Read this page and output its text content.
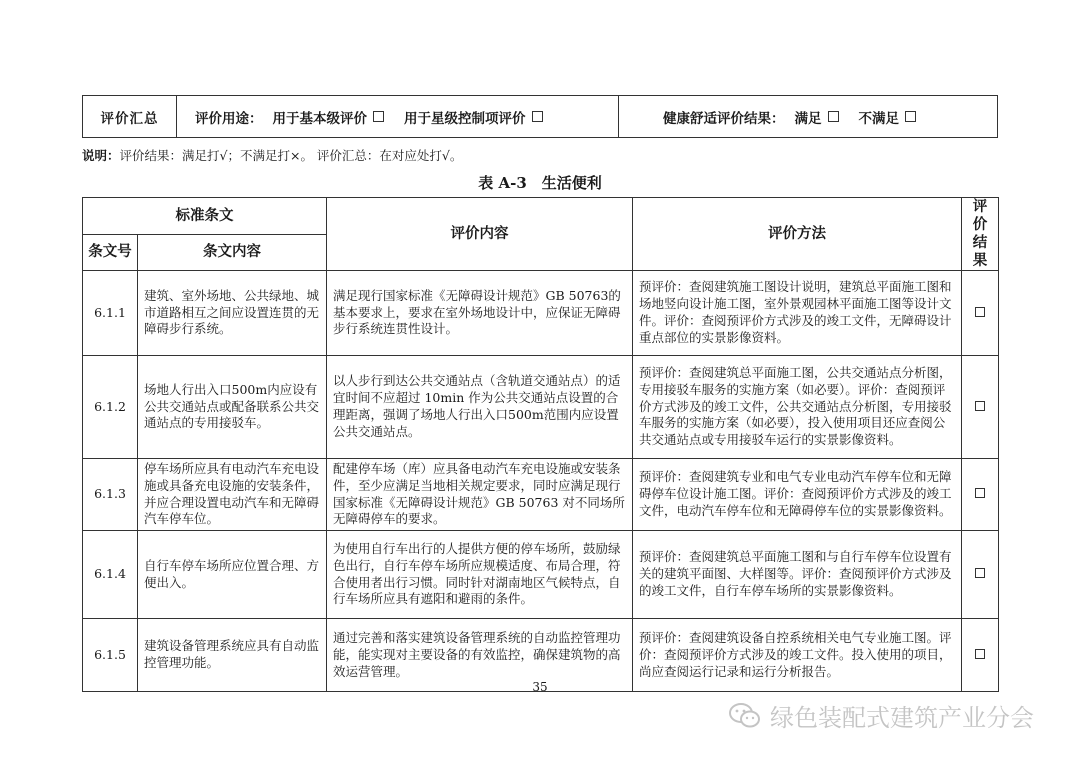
评价汇总	评价用途： 用于基本级评价	用于星级控制项评价	健康舒适评价结果： 满足	不满足
说明：评价结果：满足打√；不满足打×。 评价汇总：在对应处打√。
表 A-3　生活便利
标准条文		评价内容	评价方法	评价结果
条文号	条文内容			
6.1.1	建筑、室外场地、公共绿地、城市道路相互之间应设置连贯的无障碍步行系统。	满足现行国家标准《无障碍设计规范》GB 50763的基本要求上，要求在室外场地设计中，应保证无障碍步行系统连贯性设计。	预评价：查阅建筑施工图设计说明，建筑总平面施工图和场地竖向设计施工图，室外景观园林平面施工图等设计文件。评价：查阅预评价方式涉及的竣工文件，无障碍设计重点部位的实景影像资料。	
6.1.2	场地人行出入口500m内应设有公共交通站点或配备联系公共交通站点的专用接驳车。	以人步行到达公共交通站点（含轨道交通站点）的适宜时间不应超过 10min 作为公共交通站点设置的合理距离，强调了场地人行出入口500m范围内应设置公共交通站点。	预评价：查阅建筑总平面施工图，公共交通站点分析图，专用接驳车服务的实施方案（如必要）。评价：查阅预评价方式涉及的竣工文件，公共交通站点分析图，专用接驳车服务的实施方案（如必要），投入使用项目还应查阅公共交通站点或专用接驳车运行的实景影像资料。	
6.1.3	停车场所应具有电动汽车充电设施或具备充电设施的安装条件，并应合理设置电动汽车和无障碍汽车停车位。	配建停车场（库）应具备电动汽车充电设施或安装条件，至少应满足当地相关规定要求，同时应满足现行国家标准《无障碍设计规范》GB 50763 对不同场所无障碍停车的要求。	预评价：查阅建筑专业和电气专业电动汽车停车位和无障碍停车位设计施工图。评价：查阅预评价方式涉及的竣工文件，电动汽车停车位和无障碍停车位的实景影像资料。	
6.1.4	自行车停车场所应位置合理、方便出入。	为使用自行车出行的人提供方便的停车场所，鼓励绿色出行，自行车停车场所应规模适度、布局合理，符合使用者出行习惯。同时针对湖南地区气候特点，自行车场所应具有遮阳和避雨的条件。	预评价：查阅建筑总平面施工图和与自行车停车位设置有关的建筑平面图、大样图等。评价：查阅预评价方式涉及的竣工文件，自行车停车场所的实景影像资料。	
6.1.5	建筑设备管理系统应具有自动监控管理功能。	通过完善和落实建筑设备管理系统的自动监控管理功能，能实现对主要设备的有效监控，确保建筑物的高效运营管理。	预评价：查阅建筑设备自控系统相关电气专业施工图。评价：查阅预评价方式涉及的竣工文件。投入使用的项目，尚应查阅运行记录和运行分析报告。	
35
绿色装配式建筑产业分会
